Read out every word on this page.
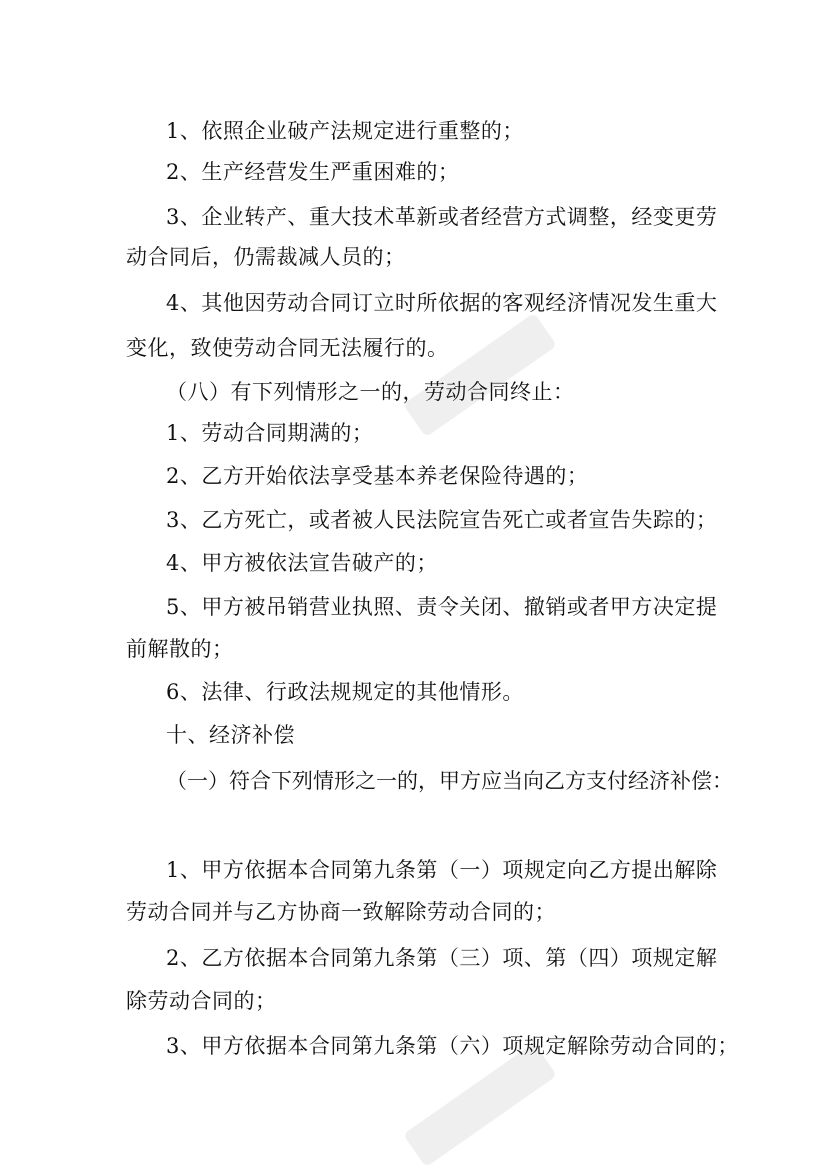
1、依照企业破产法规定进行重整的；
2、生产经营发生严重困难的；
3、企业转产、重大技术革新或者经营方式调整，经变更劳
动合同后，仍需裁减人员的；
4、其他因劳动合同订立时所依据的客观经济情况发生重大
变化，致使劳动合同无法履行的。
（八）有下列情形之一的，劳动合同终止：
1、劳动合同期满的；
2、乙方开始依法享受基本养老保险待遇的；
3、乙方死亡，或者被人民法院宣告死亡或者宣告失踪的；
4、甲方被依法宣告破产的；
5、甲方被吊销营业执照、责令关闭、撤销或者甲方决定提
前解散的；
6、法律、行政法规规定的其他情形。
十、经济补偿
（一）符合下列情形之一的，甲方应当向乙方支付经济补偿：
1、甲方依据本合同第九条第（一）项规定向乙方提出解除
劳动合同并与乙方协商一致解除劳动合同的；
2、乙方依据本合同第九条第（三）项、第（四）项规定解
除劳动合同的；
3、甲方依据本合同第九条第（六）项规定解除劳动合同的；
